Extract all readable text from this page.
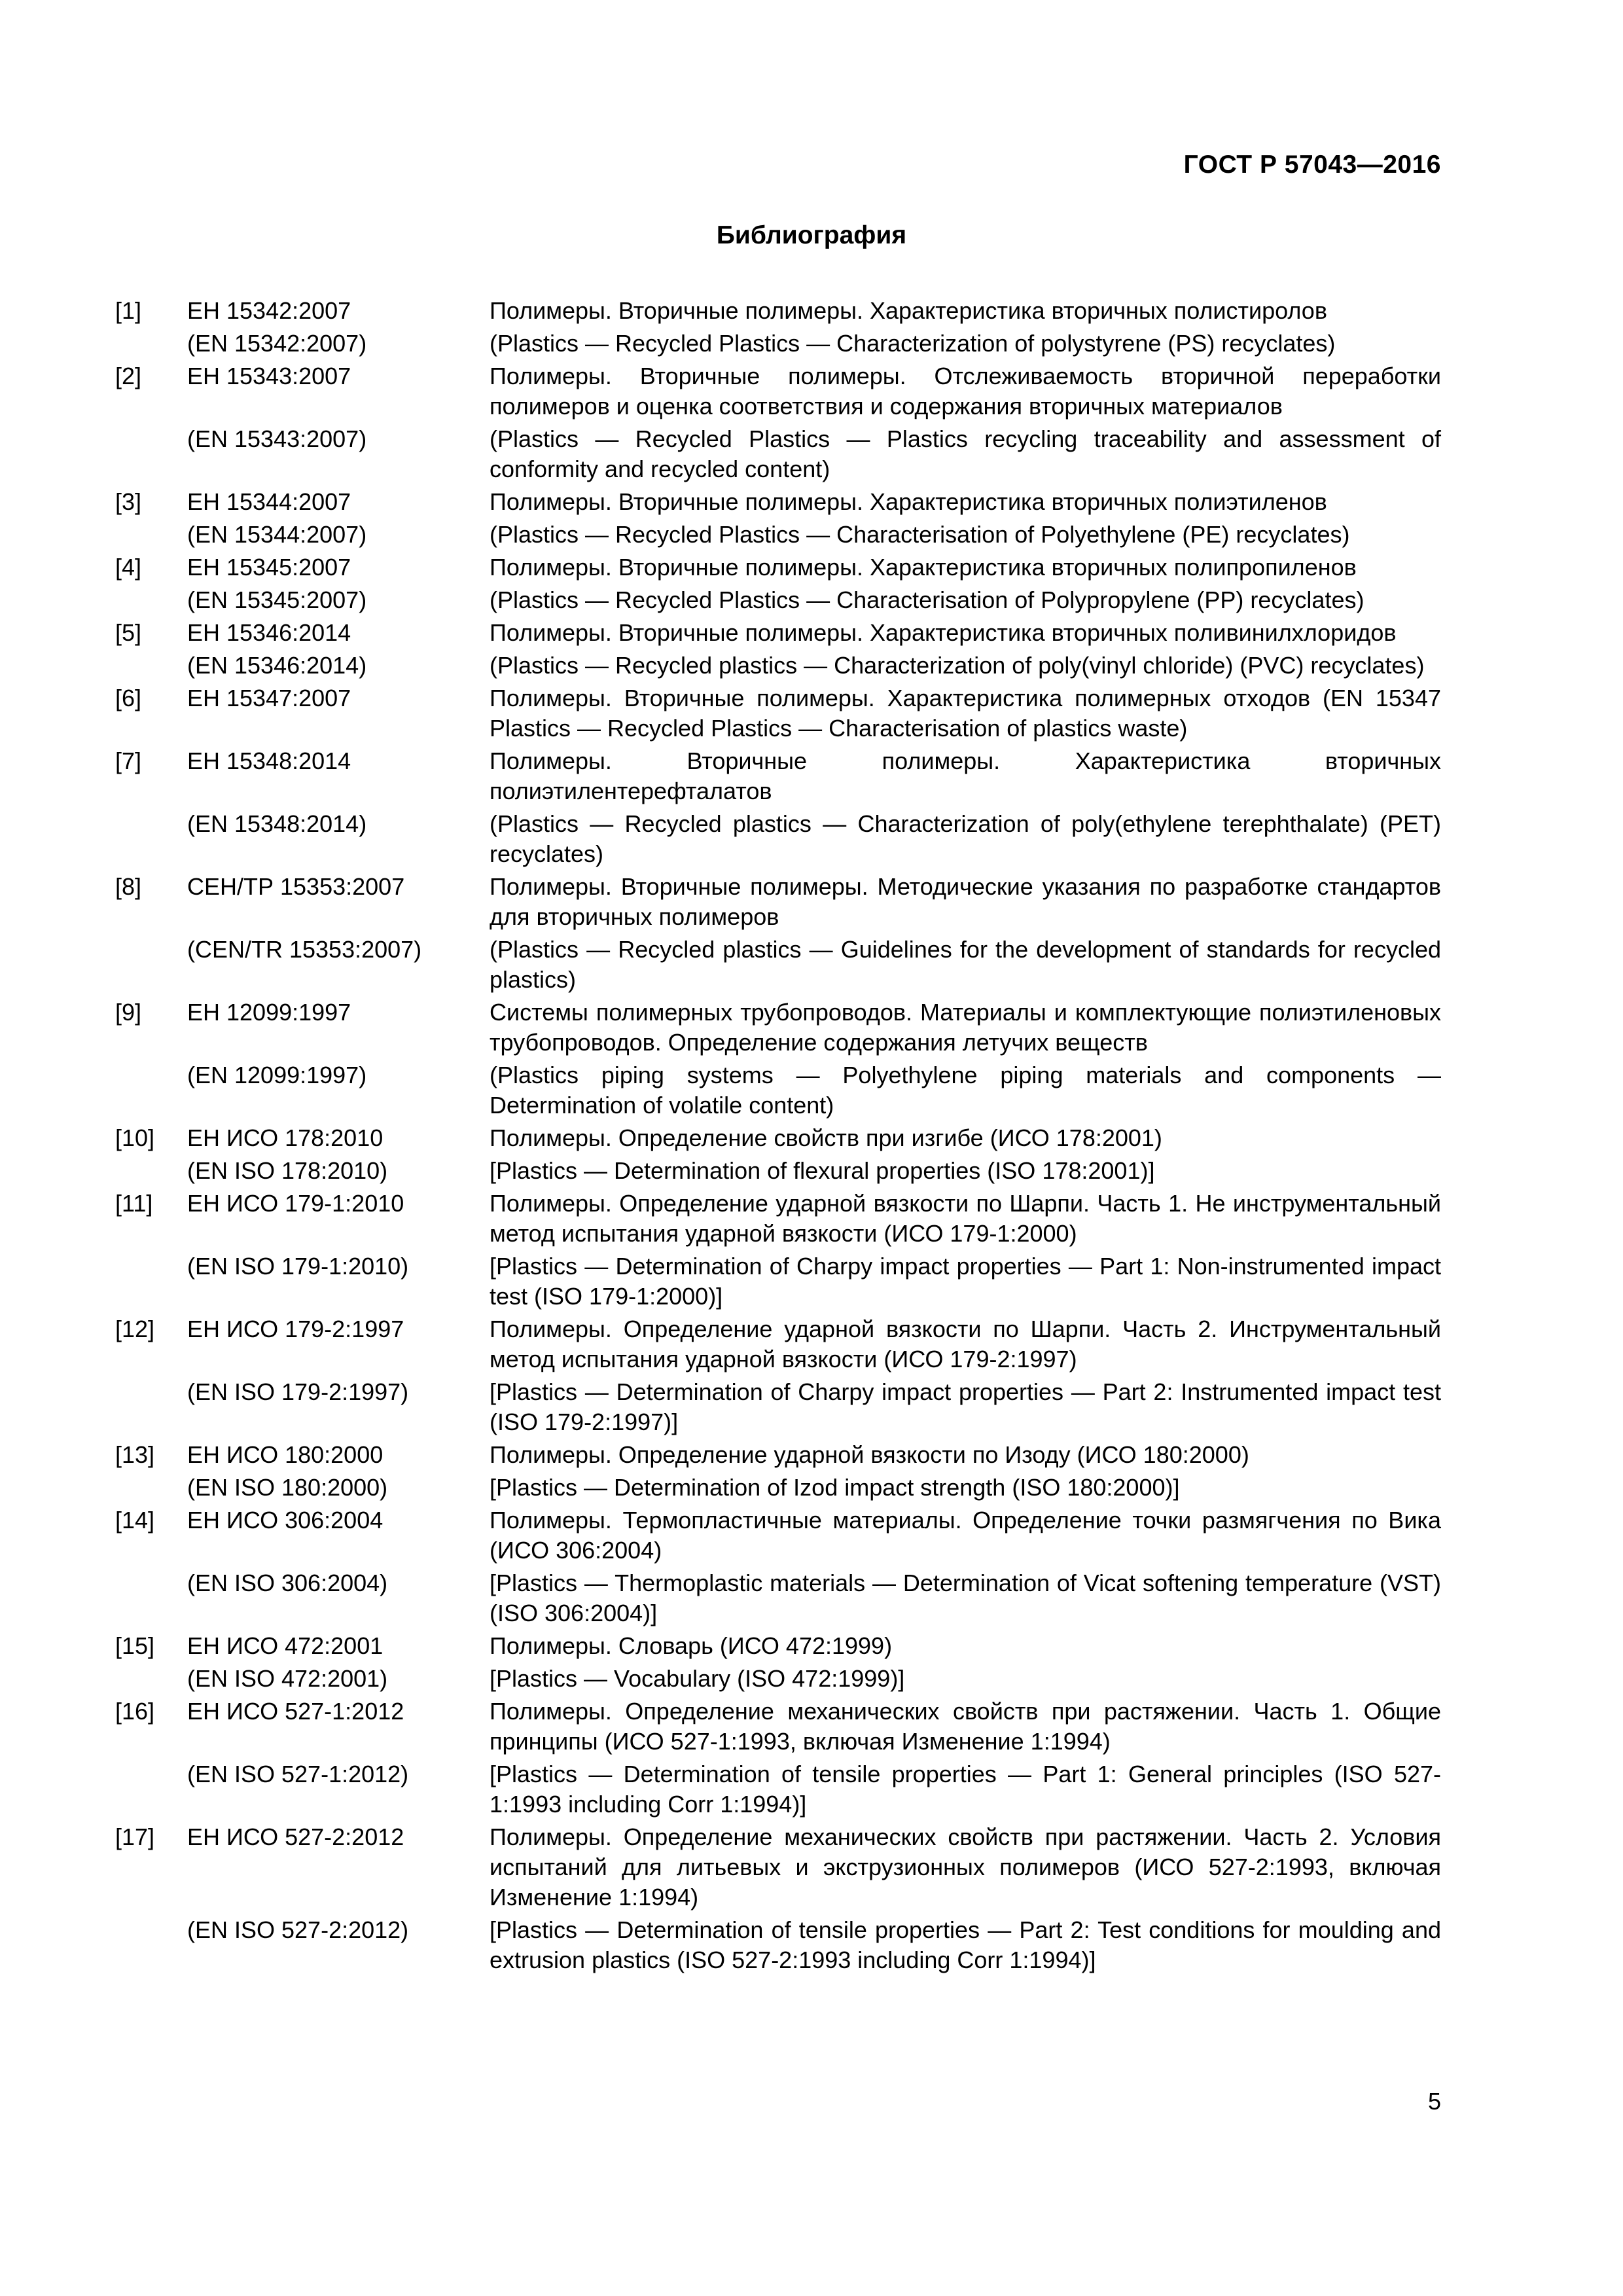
ГОСТ Р 57043—2016
Библиография
[1]	ЕН 15342:2007	Полимеры. Вторичные полимеры. Характеристика вторичных полистиролов
	(EN 15342:2007)	(Plastics — Recycled Plastics — Characterization of polystyrene (PS) recyclates)
[2]	ЕН 15343:2007	Полимеры. Вторичные полимеры. Отслеживаемость вторичной переработки полимеров и оценка соответствия и содержания вторичных материалов
	(EN 15343:2007)	(Plastics — Recycled Plastics — Plastics recycling traceability and assessment of conformity and recycled content)
[3]	ЕН 15344:2007	Полимеры. Вторичные полимеры. Характеристика вторичных полиэтиленов
	(EN 15344:2007)	(Plastics — Recycled Plastics — Characterisation of Polyethylene (PE) recyclates)
[4]	ЕН 15345:2007	Полимеры. Вторичные полимеры. Характеристика вторичных полипропиленов
	(EN 15345:2007)	(Plastics — Recycled Plastics — Characterisation of Polypropylene (PP) recyclates)
[5]	ЕН 15346:2014	Полимеры. Вторичные полимеры. Характеристика вторичных поливинилхлоридов
	(EN 15346:2014)	(Plastics — Recycled plastics — Characterization of poly(vinyl chloride) (PVC) recyclates)
[6]	ЕН 15347:2007	Полимеры. Вторичные полимеры. Характеристика полимерных отходов (EN 15347 Plastics — Recycled Plastics — Characterisation of plastics waste)
[7]	ЕН 15348:2014	Полимеры. Вторичные полимеры. Характеристика вторичных полиэтилентерефталатов
	(EN 15348:2014)	(Plastics — Recycled plastics — Characterization of poly(ethylene terephthalate) (PET) recyclates)
[8]	СЕН/ТР 15353:2007	Полимеры. Вторичные полимеры. Методические указания по разработке стандартов для вторичных полимеров
	(CEN/TR 15353:2007)	(Plastics — Recycled plastics — Guidelines for the development of standards for recycled plastics)
[9]	ЕН 12099:1997	Системы полимерных трубопроводов. Материалы и комплектующие полиэтиленовых трубопроводов. Определение содержания летучих веществ
	(EN 12099:1997)	(Plastics piping systems — Polyethylene piping materials and components — Determination of volatile content)
[10]	ЕН ИСО 178:2010	Полимеры. Определение свойств при изгибе (ИСО 178:2001)
	(EN ISO 178:2010)	[Plastics — Determination of flexural properties (ISO 178:2001)]
[11]	ЕН ИСО 179-1:2010	Полимеры. Определение ударной вязкости по Шарпи. Часть 1. Не инструментальный метод испытания ударной вязкости (ИСО 179-1:2000)
	(EN ISO 179-1:2010)	[Plastics — Determination of Charpy impact properties — Part 1: Non-instrumented impact test (ISO 179-1:2000)]
[12]	ЕН ИСО 179-2:1997	Полимеры. Определение ударной вязкости по Шарпи. Часть 2. Инструментальный метод испытания ударной вязкости (ИСО 179-2:1997)
	(EN ISO 179-2:1997)	[Plastics — Determination of Charpy impact properties — Part 2: Instrumented impact test (ISO 179-2:1997)]
[13]	ЕН ИСО 180:2000	Полимеры. Определение ударной вязкости по Изоду (ИСО 180:2000)
	(EN ISO 180:2000)	[Plastics — Determination of Izod impact strength (ISO 180:2000)]
[14]	ЕН ИСО 306:2004	Полимеры. Термопластичные материалы. Определение точки размягчения по Вика (ИСО 306:2004)
	(EN ISO 306:2004)	[Plastics — Thermoplastic materials — Determination of Vicat softening temperature (VST) (ISO 306:2004)]
[15]	ЕН ИСО 472:2001	Полимеры. Словарь (ИСО 472:1999)
	(EN ISO 472:2001)	[Plastics — Vocabulary (ISO 472:1999)]
[16]	ЕН ИСО 527-1:2012	Полимеры. Определение механических свойств при растяжении. Часть 1. Общие принципы (ИСО 527-1:1993, включая Изменение 1:1994)
	(EN ISO 527-1:2012)	[Plastics — Determination of tensile properties — Part 1: General principles (ISO 527-1:1993 including Corr 1:1994)]
[17]	ЕН ИСО 527-2:2012	Полимеры. Определение механических свойств при растяжении. Часть 2. Условия испытаний для литьевых и экструзионных полимеров (ИСО 527-2:1993, включая Изменение 1:1994)
	(EN ISO 527-2:2012)	[Plastics — Determination of tensile properties — Part 2: Test conditions for moulding and extrusion plastics (ISO 527-2:1993 including Corr 1:1994)]
5
